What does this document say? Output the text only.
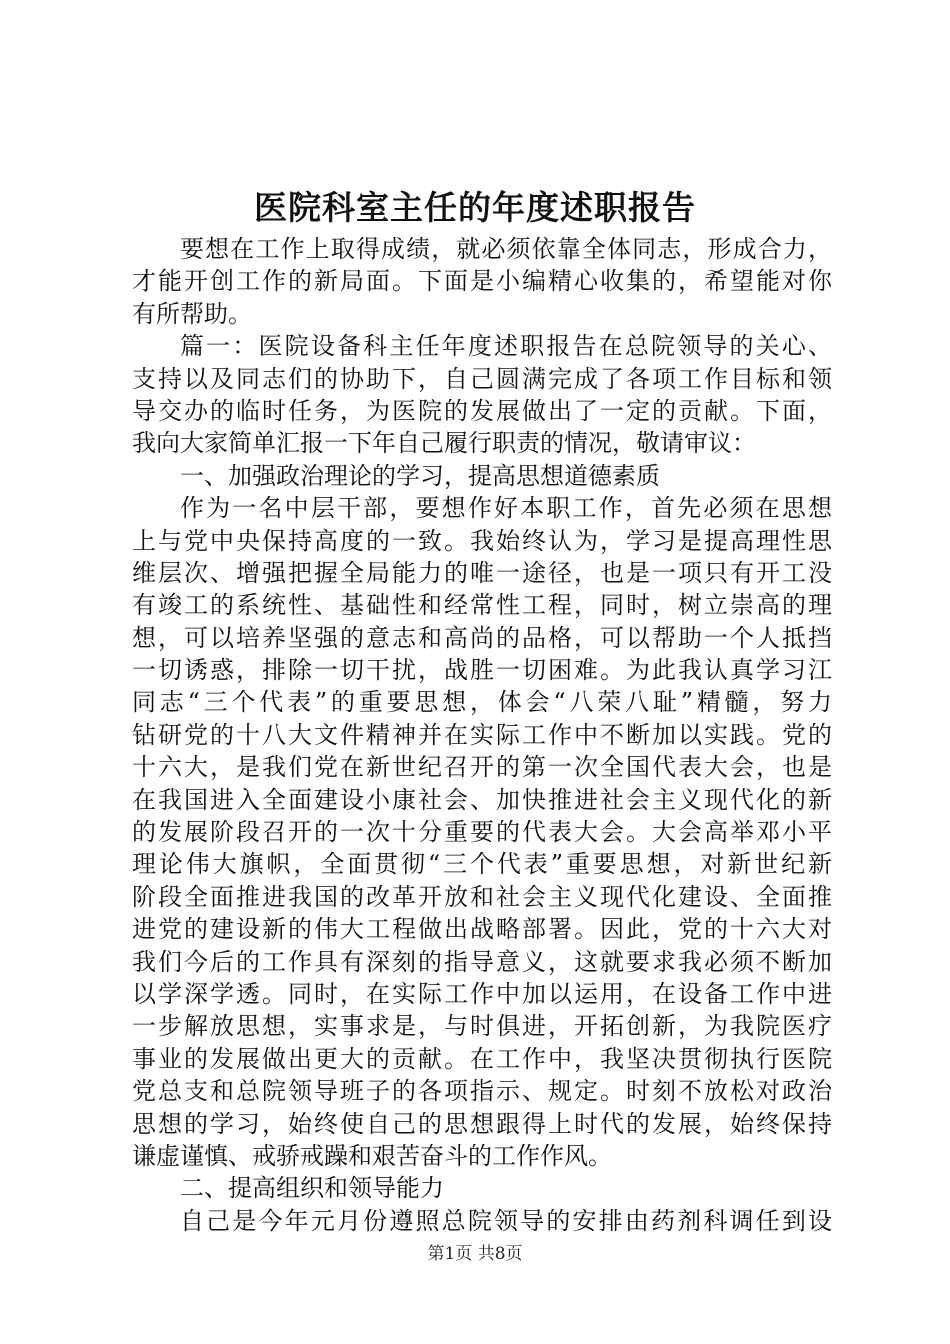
医院科室主任的年度述职报告
要想在工作上取得成绩，就必须依靠全体同志，形成合力，
才能开创工作的新局面。下面是小编精心收集的，希望能对你
有所帮助。
篇一：医院设备科主任年度述职报告在总院领导的关心、
支持以及同志们的协助下，自己圆满完成了各项工作目标和领
导交办的临时任务，为医院的发展做出了一定的贡献。下面，
我向大家简单汇报一下年自己履行职责的情况，敬请审议：
一、加强政治理论的学习，提高思想道德素质
作为一名中层干部，要想作好本职工作，首先必须在思想
上与党中央保持高度的一致。我始终认为，学习是提高理性思
维层次、增强把握全局能力的唯一途径，也是一项只有开工没
有竣工的系统性、基础性和经常性工程，同时，树立崇高的理
想，可以培养坚强的意志和高尚的品格，可以帮助一个人抵挡
一切诱惑，排除一切干扰，战胜一切困难。为此我认真学习江
同志“三个代表”的重要思想，体会“八荣八耻”精髓，努力
钻研党的十八大文件精神并在实际工作中不断加以实践。党的
十六大，是我们党在新世纪召开的第一次全国代表大会，也是
在我国进入全面建设小康社会、加快推进社会主义现代化的新
的发展阶段召开的一次十分重要的代表大会。大会高举邓小平
理论伟大旗帜，全面贯彻“三个代表”重要思想，对新世纪新
阶段全面推进我国的改革开放和社会主义现代化建设、全面推
进党的建设新的伟大工程做出战略部署。因此，党的十六大对
我们今后的工作具有深刻的指导意义，这就要求我必须不断加
以学深学透。同时，在实际工作中加以运用，在设备工作中进
一步解放思想，实事求是，与时俱进，开拓创新，为我院医疗
事业的发展做出更大的贡献。在工作中，我坚决贯彻执行医院
党总支和总院领导班子的各项指示、规定。时刻不放松对政治
思想的学习，始终使自己的思想跟得上时代的发展，始终保持
谦虚谨慎、戒骄戒躁和艰苦奋斗的工作作风。
二、提高组织和领导能力
自己是今年元月份遵照总院领导的安排由药剂科调任到设
第1页 共8页
